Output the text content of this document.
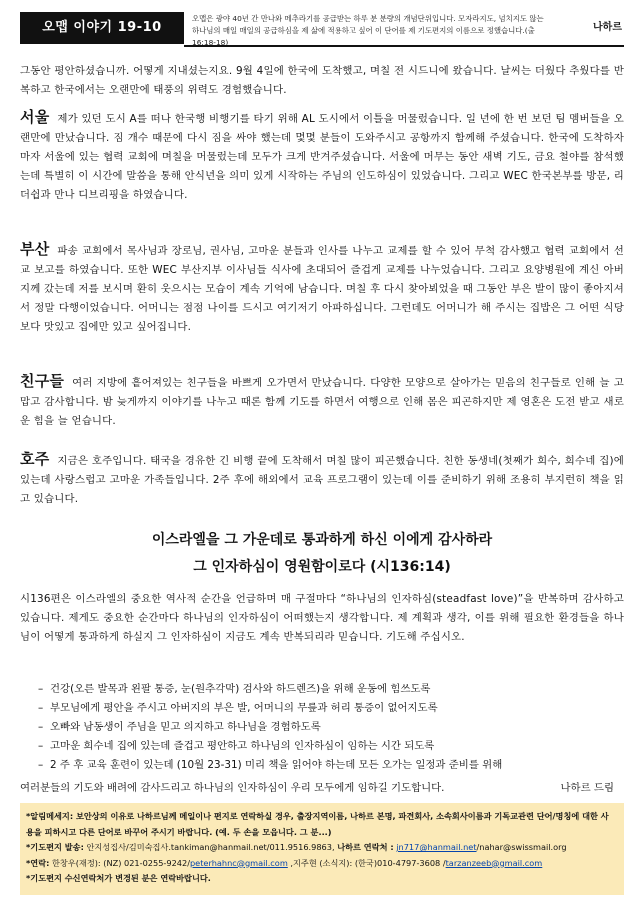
오맵 이야기 19-10
오맵은 광야 40년 간 만나와 메추라기를 공급받는 하루 분 분량의 개념단위입니다. 모자라지도, 넘치지도 않는 하나님의 매일 매일의 공급하심을 제 삶에 적용하고 싶어 이 단어를 제 기도편지의 이름으로 정했습니다.(출16:18-18)
나하르
그동안 평안하셨습니까. 어떻게 지내셨는지요. 9월 4일에 한국에 도착했고, 며칠 전 시드니에 왔습니다. 날씨는 더웠다 추웠다를 반복하고 한국에서는 오랜만에 태풍의 위력도 경험했습니다.
서울 제가 있던 도시 A를 떠나 한국행 비행기를 타기 위해 AL 도시에서 이틀을 머물렀습니다. 일 년에 한 번 보던 팀 멤버들을 오랜만에 만났습니다. 짐 개수 때문에 다시 짐을 싸야 했는데 몇몇 분들이 도와주시고 공항까지 함께해 주셨습니다. 한국에 도착하자마자 서울에 있는 협력 교회에 며칠을 머물렀는데 모두가 크게 반겨주셨습니다. 서울에 머무는 동안 새벽 기도, 금요 철야를 참석했는데 특별히 이 시간에 말씀을 통해 안식년을 의미 있게 시작하는 주님의 인도하심이 있었습니다. 그리고 WEC 한국본부를 방문, 리더쉽과 만나 디브리핑을 하였습니다.
부산 파송 교회에서 목사님과 장로님, 권사님, 고마운 분들과 인사를 나누고 교제를 할 수 있어 무척 감사했고 협력 교회에서 선교 보고를 하였습니다. 또한 WEC 부산지부 이사님들 식사에 초대되어 즐겁게 교제를 나누었습니다. 그리고 요양병원에 계신 아버지께 갔는데 저를 보시며 환히 웃으시는 모습이 계속 기억에 남습니다. 며칠 후 다시 찾아뵈었을 때 그동안 부은 발이 많이 좋아지셔서 정말 다행이었습니다. 어머니는 점점 나이를 드시고 여기저기 아파하십니다. 그런데도 어머니가 해 주시는 집밥은 그 어떤 식당보다 맛있고 집에만 있고 싶어집니다.
친구들 여러 지방에 흩어져있는 친구들을 바쁘게 오가면서 만났습니다. 다양한 모양으로 살아가는 믿음의 친구들로 인해 늘 고맙고 감사합니다. 밤 늦게까지 이야기를 나누고 때론 함께 기도를 하면서 여행으로 인해 몸은 피곤하지만 제 영혼은 도전 받고 새로운 힘을 늘 얻습니다.
호주 지금은 호주입니다. 태국을 경유한 긴 비행 끝에 도착해서 며칠 많이 피곤했습니다. 친한 동생네(첫째가 희수, 희수네 집)에 있는데 사랑스럽고 고마운 가족들입니다. 2주 후에 해외에서 교육 프로그램이 있는데 이를 준비하기 위해 조용히 부지런히 책을 읽고 있습니다.
이스라엘을 그 가운데로 통과하게 하신 이에게 감사하라
그 인자하심이 영원함이로다 (시136:14)
시136편은 이스라엘의 중요한 역사적 순간을 언급하며 매 구절마다 “하나님의 인자하심(steadfast love)”을 반복하며 감사하고 있습니다. 제게도 중요한 순간마다 하나님의 인자하심이 어떠했는지 생각합니다. 제 계획과 생각, 이를 위해 필요한 환경들을 하나님이 어떻게 통과하게 하실지 그 인자하심이 지금도 계속 반복되리라 믿습니다. 기도해 주십시오.
– 건강(오른 발목과 왼팔 통증, 눈(원추각막) 검사와 하드렌즈)을 위해 운동에 힘쓰도록
– 부모님에게 평안을 주시고 아버지의 부은 발, 어머니의 무릎과 허리 통증이 없어지도록
– 오빠와 남동생이 주님을 믿고 의지하고 하나님을 경험하도록
– 고마운 희수네 집에 있는데 즐겁고 평안하고 하나님의 인자하심이 임하는 시간 되도록
– 2 주 후 교육 훈련이 있는데 (10월 23-31) 미리 책을 읽어야 하는데 모든 오가는 일정과 준비를 위해
여러분들의 기도와 배려에 감사드리고 하나님의 인자하심이 우리 모두에게 임하길 기도합니다.	나하르 드림
*알림메세지: 보안상의 이유로 나하르님께 메일이나 편지로 연락하실 경우, 출장지역이름, 나하르 본명, 파견회사, 소속회사이름과 기독교관련 단어/명칭에 대한 사용을 피하시고 다른 단어로 바꾸어 주시기 바랍니다. (예. 두 손을 모읍니다. 그 분...)
*기도편지 발송: 안지성집사/김미숙집사.tankiman@hanmail.net/011.9516.9863, 나하르 연락처 : jn717@hanmail.net/nahar@swissmail.org
*연락: 한창우(재정): (NZ) 021-0255-9242/peterhahnc@gmail.com ,지주현 (소식지): (한국)010-4797-3608 /tarzanzeeb@gmail.com
*기도편지 수신연락처가 변경된 분은 연락바랍니다.
